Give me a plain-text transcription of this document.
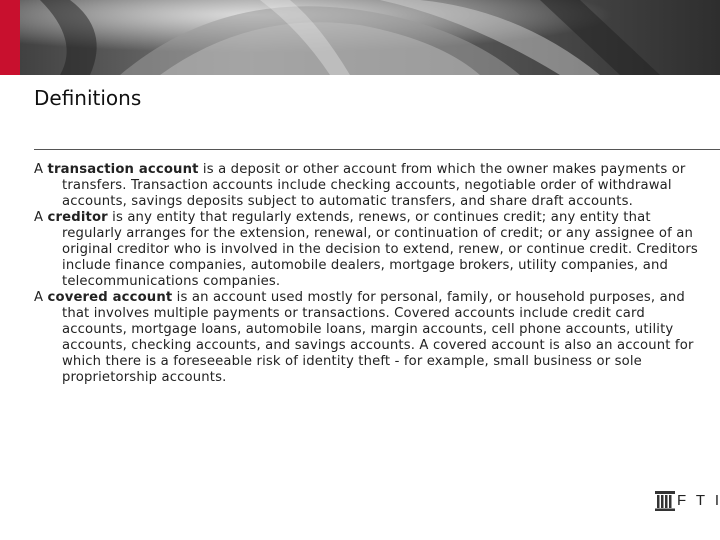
Definitions

A transaction account is a deposit or other account from which the owner makes payments or transfers. Transaction accounts include checking accounts, negotiable order of withdrawal accounts, savings deposits subject to automatic transfers, and share draft accounts.

A creditor is any entity that regularly extends, renews, or continues credit; any entity that regularly arranges for the extension, renewal, or continuation of credit; or any assignee of an original creditor who is involved in the decision to extend, renew, or continue credit. Creditors include finance companies, automobile dealers, mortgage brokers, utility companies, and telecommunications companies.

A covered account is an account used mostly for personal, family, or household purposes, and that involves multiple payments or transactions. Covered accounts include credit card accounts, mortgage loans, automobile loans, margin accounts, cell phone accounts, utility accounts, checking accounts, and savings accounts. A covered account is also an account for which there is a foreseeable risk of identity theft - for example, small business or sole proprietorship accounts.

F T I
